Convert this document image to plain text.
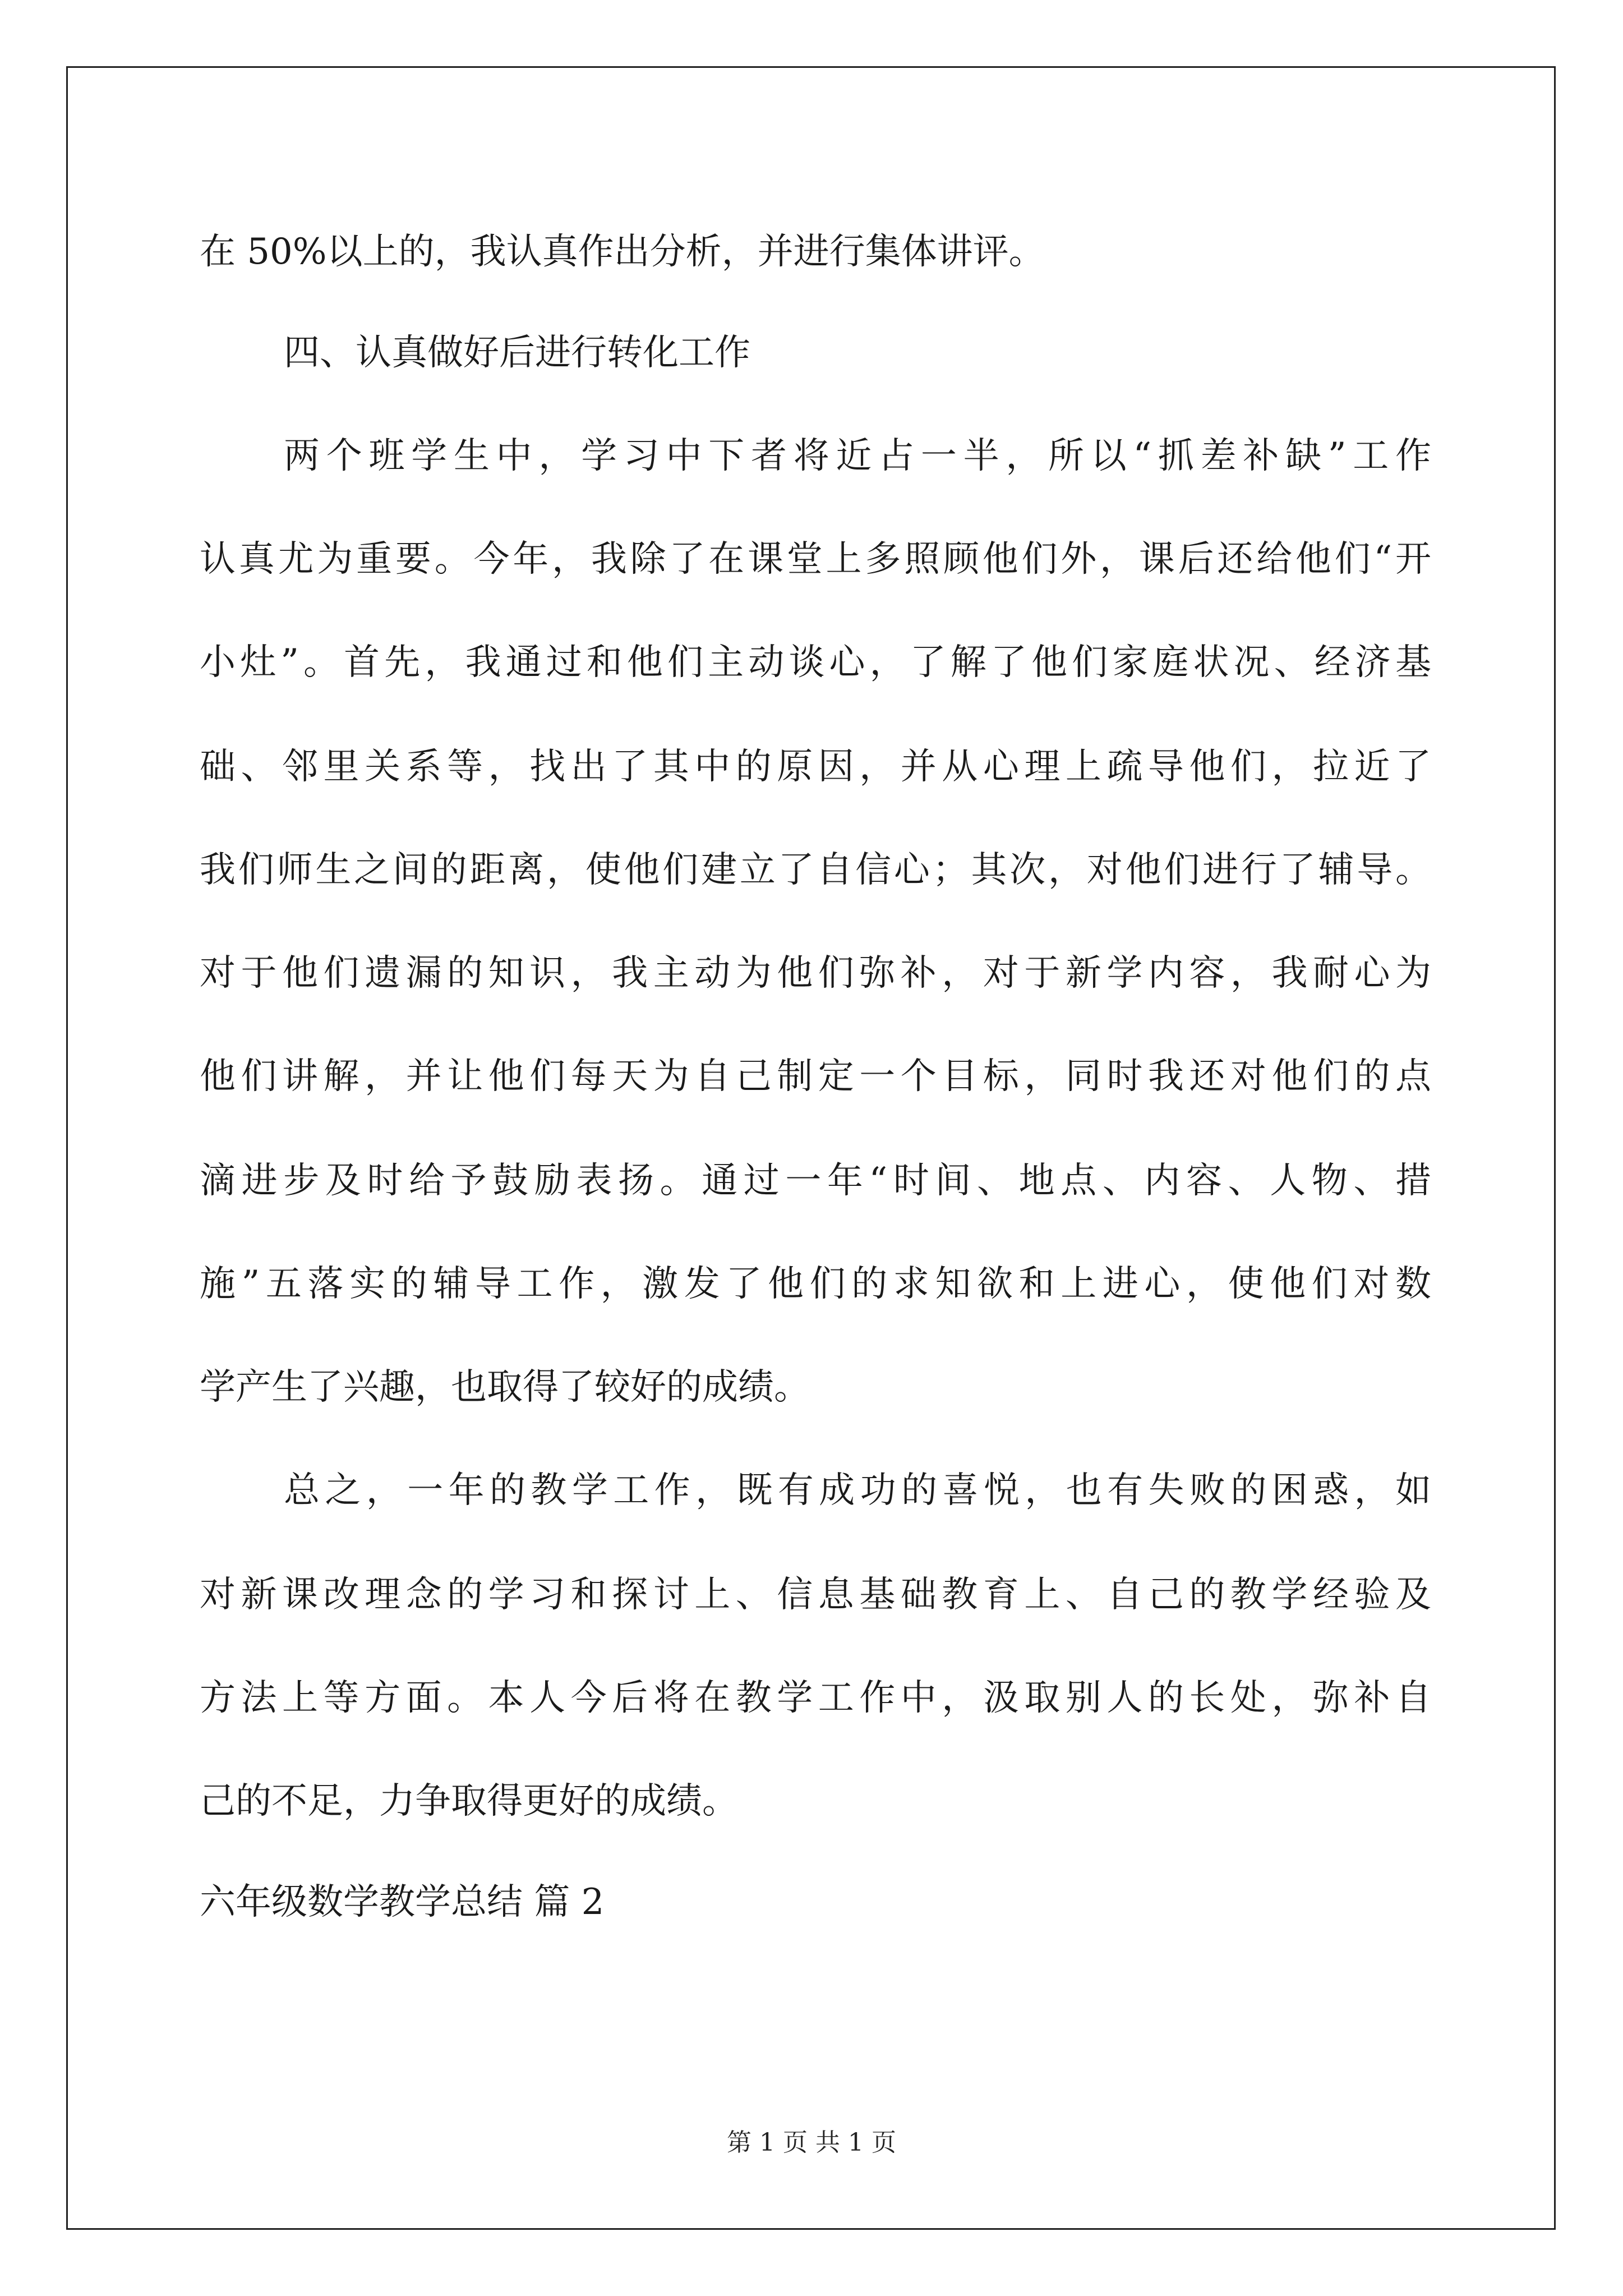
在 50%以上的，我认真作出分析，并进行集体讲评。
四、认真做好后进行转化工作
两个班学生中，学习中下者将近占一半，所以“抓差补缺”工作
认真尤为重要。今年，我除了在课堂上多照顾他们外，课后还给他们“开
小灶”。首先，我通过和他们主动谈心，了解了他们家庭状况、经济基
础、邻里关系等，找出了其中的原因，并从心理上疏导他们，拉近了
我们师生之间的距离，使他们建立了自信心；其次，对他们进行了辅导。
对于他们遗漏的知识，我主动为他们弥补，对于新学内容，我耐心为
他们讲解，并让他们每天为自己制定一个目标，同时我还对他们的点
滴进步及时给予鼓励表扬。通过一年“时间、地点、内容、人物、措
施”五落实的辅导工作，激发了他们的求知欲和上进心，使他们对数
学产生了兴趣，也取得了较好的成绩。
总之，一年的教学工作，既有成功的喜悦，也有失败的困惑，如
对新课改理念的学习和探讨上、信息基础教育上、自己的教学经验及
方法上等方面。本人今后将在教学工作中，汲取别人的长处，弥补自
己的不足，力争取得更好的成绩。
六年级数学教学总结 篇 2
第 1 页 共 1 页
